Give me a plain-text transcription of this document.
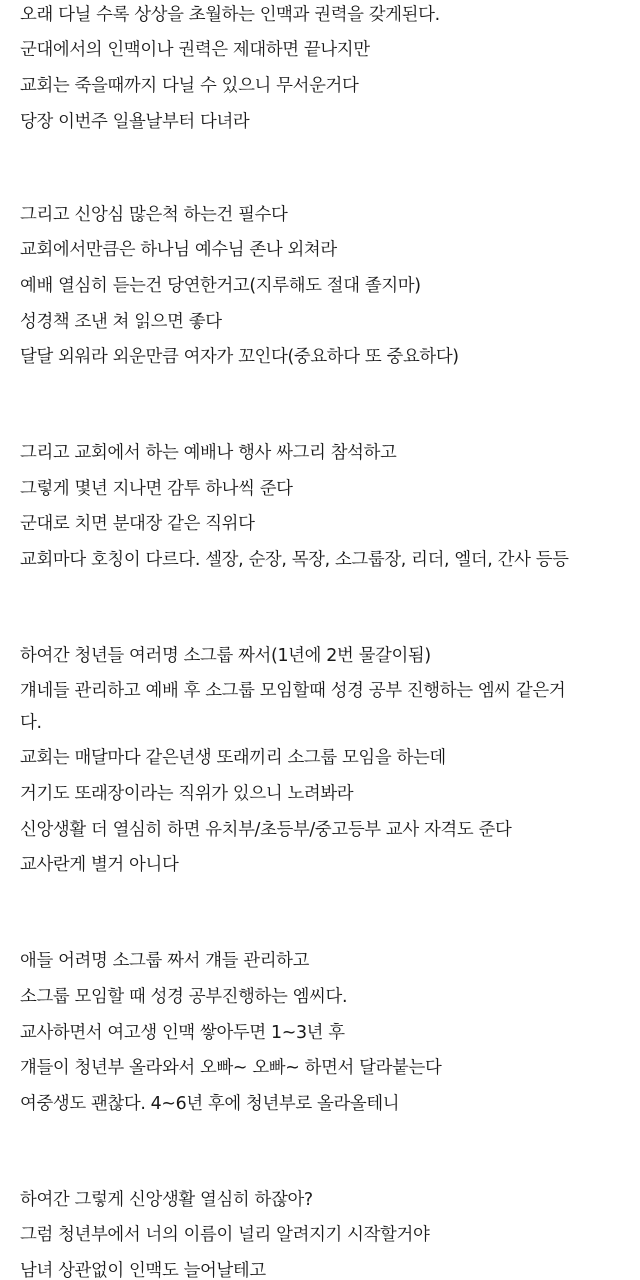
오래 다닐 수록 상상을 초월하는 인맥과 권력을 갖게된다.
군대에서의 인맥이나 권력은 제대하면 끝나지만
교회는 죽을때까지 다닐 수 있으니 무서운거다
당장 이번주 일욜날부터 다녀라
그리고 신앙심 많은척 하는건 필수다
교회에서만큼은 하나님 예수님 존나 외쳐라
예배 열심히 듣는건 당연한거고(지루해도 절대 졸지마)
성경책 조낸 쳐 읽으면 좋다
달달 외워라 외운만큼 여자가 꼬인다(중요하다 또 중요하다)
그리고 교회에서 하는 예배나 행사 싸그리 참석하고
그렇게 몇년 지나면 감투 하나씩 준다
군대로 치면 분대장 같은 직위다
교회마다 호칭이 다르다. 셀장, 순장, 목장, 소그룹장, 리더, 엘더, 간사 등등
하여간 청년들 여러명 소그룹 짜서(1년에 2번 물갈이됨)
걔네들 관리하고 예배 후 소그룹 모임할때 성경 공부 진행하는 엠씨 같은거
다.
교회는 매달마다 같은년생 또래끼리 소그룹 모임을 하는데
거기도 또래장이라는 직위가 있으니 노려봐라
신앙생활 더 열심히 하면 유치부/초등부/중고등부 교사 자격도 준다
교사란게 별거 아니다
애들 어려명 소그룹 짜서 걔들 관리하고
소그룹 모임할 때 성경 공부진행하는 엠씨다.
교사하면서 여고생 인맥 쌓아두면 1~3년 후
걔들이 청년부 올라와서 오빠~ 오빠~ 하면서 달라붙는다
여중생도 괜찮다. 4~6년 후에 청년부로 올라올테니
하여간 그렇게 신앙생활 열심히 하잖아?
그럼 청년부에서 너의 이름이 널리 알려지기 시작할거야
남녀 상관없이 인맥도 늘어날테고
